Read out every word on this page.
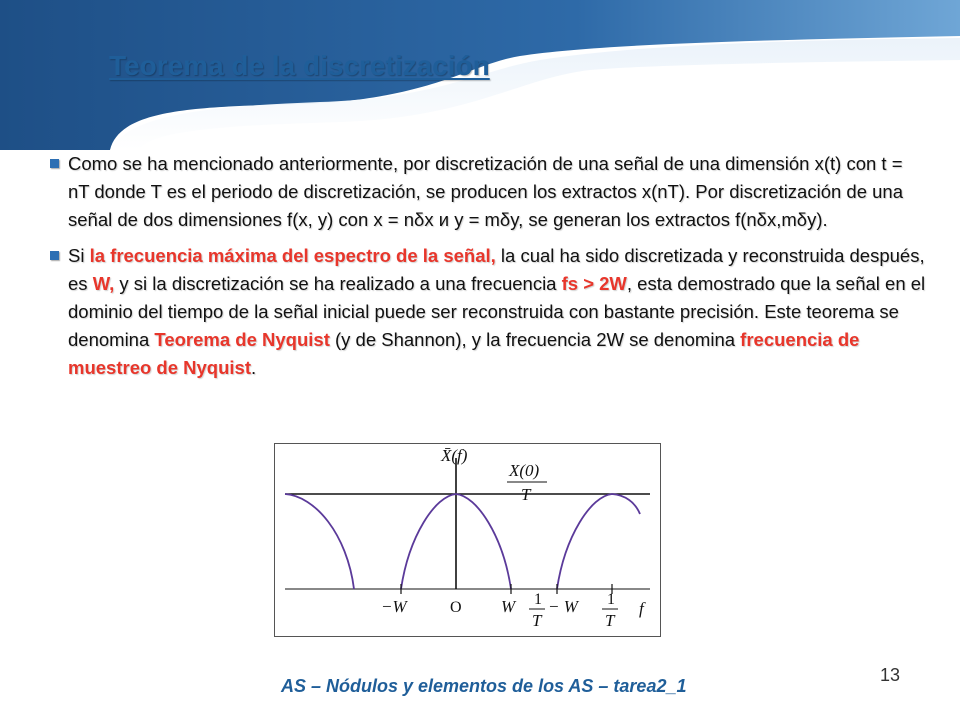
Teorema de la discretización
Como se ha mencionado anteriormente, por discretización de una señal de una dimensión x(t) con t = nT donde T es el periodo de discretización, se producen los extractos x(nT). Por discretización de una señal de dos dimensiones f(x, y) con x = nδx и y = mδy, se generan los extractos f(nδx,mδy).
Si la frecuencia máxima del espectro de la señal, la cual ha sido discretizada y reconstruida después, es W, y si la discretización se ha realizado a una frecuencia fs > 2W, esta demostrado que la señal en el dominio del tiempo de la señal inicial puede ser reconstruida con bastante precisión. Este teorema se denomina Teorema de Nyquist (y de Shannon), y la frecuencia 2W se denomina frecuencia de muestreo de Nyquist.
X̄(f)
X(0)
T
−W	O W 1
T
− W 1
T
f
13
AS – Nódulos y elementos de los AS – tarea2_1
